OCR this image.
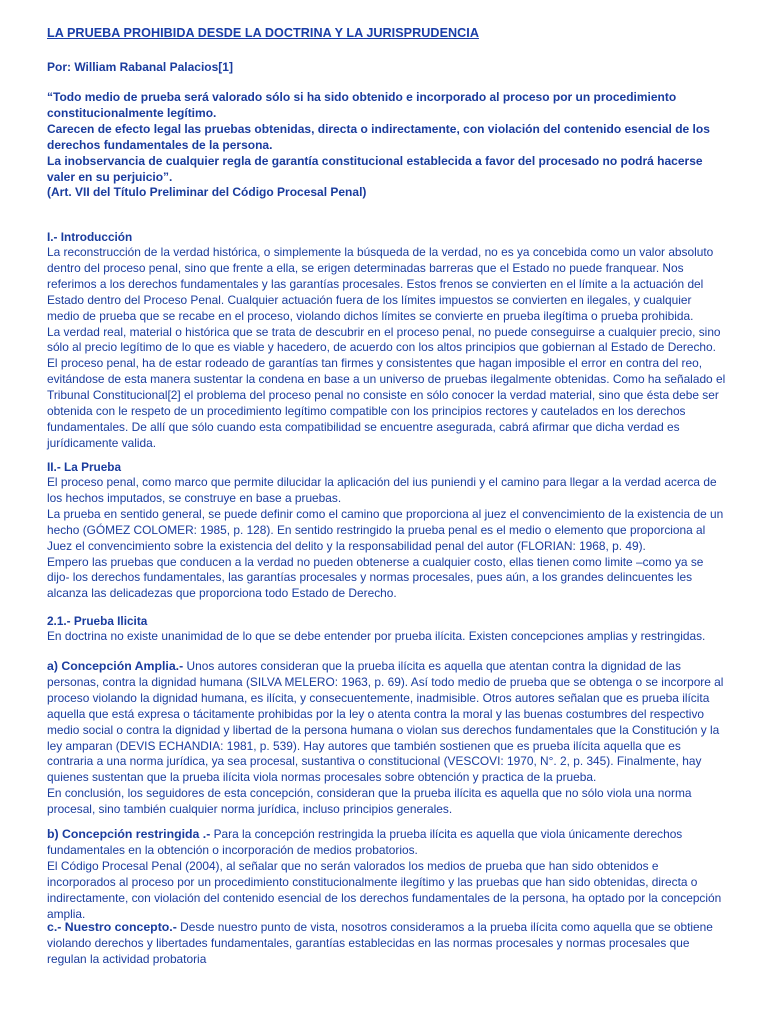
LA PRUEBA PROHIBIDA DESDE LA DOCTRINA Y LA JURISPRUDENCIA
Por: William Rabanal Palacios[1]

“Todo medio de prueba será valorado sólo si ha sido obtenido e incorporado al proceso por un procedimiento constitucionalmente legítimo.

Carecen de efecto legal las pruebas obtenidas, directa o indirectamente, con violación del contenido esencial de los derechos fundamentales de la persona.

La inobservancia de cualquier regla de garantía constitucional establecida a favor del procesado no podrá hacerse valer en su perjuicio”.

(Art. VII del Título Preliminar del Código Procesal Penal)

I.- Introducción

La reconstrucción de la verdad histórica, o simplemente la búsqueda de la verdad, no es ya concebida como un valor absoluto dentro del proceso penal, sino que frente a ella, se erigen determinadas barreras que el Estado no puede franquear. Nos referimos a los derechos fundamentales y las garantías procesales. Estos frenos se convierten en el límite a la actuación del Estado dentro del Proceso Penal. Cualquier actuación fuera de los límites impuestos se convierten en ilegales, y cualquier medio de prueba que se recabe en el proceso, violando dichos límites se convierte en prueba ilegítima o prueba prohibida.

La verdad real, material o histórica que se trata de descubrir en el proceso penal, no puede conseguirse a cualquier precio, sino sólo al precio legítimo de lo que es viable y hacedero, de acuerdo con los altos principios que gobiernan al Estado de Derecho.

El proceso penal, ha de estar rodeado de garantías tan firmes y consistentes que hagan imposible el error en contra del reo, evitándose de esta manera sustentar la condena en base a un universo de pruebas ilegalmente obtenidas. Como ha señalado el Tribunal Constitucional[2] el problema del proceso penal no consiste en sólo conocer la verdad material, sino que ésta debe ser obtenida con le respeto de un procedimiento legítimo compatible con los principios rectores y cautelados en los derechos fundamentales. De allí que sólo cuando esta compatibilidad se encuentre asegurada, cabrá afirmar que dicha verdad es jurídicamente valida.

II.- La Prueba

El proceso penal, como marco que permite dilucidar la aplicación del ius puniendi y el camino para llegar a la verdad acerca de los hechos imputados, se construye en base a pruebas.

La prueba en sentido general, se puede definir como el camino que proporciona al juez el convencimiento de la existencia de un hecho (GÓMEZ COLOMER: 1985, p. 128). En sentido restringido la prueba penal es el medio o elemento que proporciona al Juez el convencimiento sobre la existencia del delito y la responsabilidad penal del autor (FLORIAN: 1968, p. 49).

Empero las pruebas que conducen a la verdad no pueden obtenerse a cualquier costo, ellas tienen como limite –como ya se dijo- los derechos fundamentales, las garantías procesales y normas procesales, pues aún, a los grandes delincuentes les alcanza las delicadezas que proporciona todo Estado de Derecho.

2.1.- Prueba Ilicita

En doctrina no existe unanimidad de lo que se debe entender por prueba ilícita. Existen concepciones amplias y restringidas.

a) Concepción Amplia.- Unos autores consideran que la prueba ilícita es aquella que atentan contra la dignidad de las personas, contra la dignidad humana (SILVA MELERO: 1963, p. 69). Así todo medio de prueba que se obtenga o se incorpore al proceso violando la dignidad humana, es ilícita, y consecuentemente, inadmisible. Otros autores señalan que es prueba ilícita aquella que está expresa o tácitamente prohibidas por la ley o atenta contra la moral y las buenas costumbres del respectivo medio social o contra la dignidad y libertad de la persona humana o violan sus derechos fundamentales que la Constitución y la ley amparan (DEVIS ECHANDIA: 1981, p. 539). Hay autores que también sostienen que es prueba ilícita aquella que es contraria a una norma jurídica, ya sea procesal, sustantiva o constitucional (VESCOVI: 1970, N°. 2, p. 345). Finalmente, hay quienes sustentan que la prueba ilícita viola normas procesales sobre obtención y practica de la prueba.

En conclusión, los seguidores de esta concepción, consideran que la prueba ilícita es aquella que no sólo viola una norma procesal, sino también cualquier norma jurídica, incluso principios generales.

b) Concepción restringida .- Para la concepción restringida la prueba ilícita es aquella que viola únicamente derechos fundamentales en la obtención o incorporación de medios probatorios.

El Código Procesal Penal (2004), al señalar que no serán valorados los medios de prueba que han sido obtenidos e incorporados al proceso por un procedimiento constitucionalmente ilegítimo y las pruebas que han sido obtenidas, directa o indirectamente, con violación del contenido esencial de los derechos fundamentales de la persona, ha optado por la concepción amplia.

c.- Nuestro concepto.- Desde nuestro punto de vista, nosotros consideramos a la prueba ilícita como aquella que se obtiene violando derechos y libertades fundamentales, garantías establecidas en las normas procesales y normas procesales que regulan la actividad probatoria
